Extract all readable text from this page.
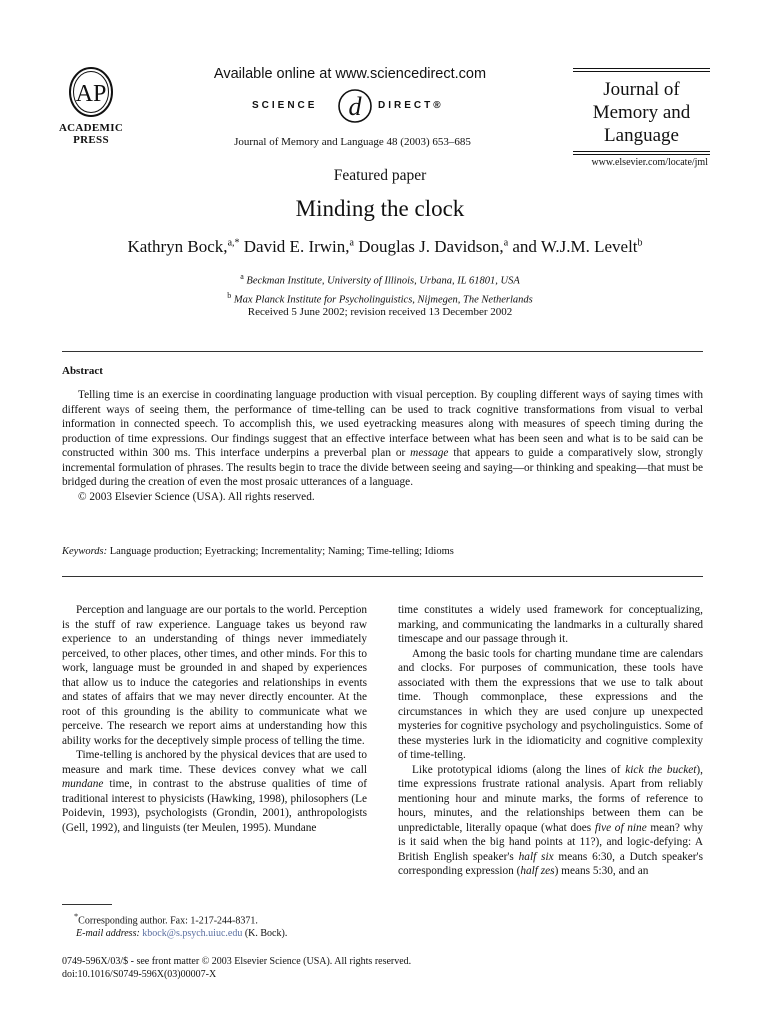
AP
ACADEMIC
PRESS
Available online at www.sciencedirect.com
SCIENCE d DIRECT®
Journal of Memory and Language 48 (2003) 653–685
Journal of
Memory and
Language
www.elsevier.com/locate/jml
Featured paper
Minding the clock
Kathryn Bock,$^{a,*}$ David E. Irwin,$^a$ Douglas J. Davidson,$^a$ and W.J.M. Levelt$^b$
$^a$ Beckman Institute, University of Illinois, Urbana, IL 61801, USA
$^b$ Max Planck Institute for Psycholinguistics, Nijmegen, The Netherlands
Received 5 June 2002; revision received 13 December 2002
Abstract

Telling time is an exercise in coordinating language production with visual perception. By coupling different ways of saying times with different ways of seeing them, the performance of time-telling can be used to track cognitive transformations from visual to verbal information in connected speech. To accomplish this, we used eyetracking measures along with measures of speech timing during the production of time expressions. Our findings suggest that an effective interface between what has been seen and what is to be said can be constructed within 300 ms. This interface underpins a preverbal plan or message that appears to guide a comparatively slow, strongly incremental formulation of phrases. The results begin to trace the divide between seeing and saying—or thinking and speaking—that must be bridged during the creation of even the most prosaic utterances of a language.

© 2003 Elsevier Science (USA). All rights reserved.

Keywords: Language production; Eyetracking; Incrementality; Naming; Time-telling; Idioms

Perception and language are our portals to the world. Perception is the stuff of raw experience. Language takes us beyond raw experience to an understanding of things never immediately perceived, to other places, other times, and other minds. For this to work, language must be grounded in and shaped by experiences that allow us to induce the categories and relationships in events and states of affairs that we may never directly encounter. At the root of this grounding is the ability to communicate what we perceive. The research we report aims at understanding how this ability works for the deceptively simple process of telling the time.

Time-telling is anchored by the physical devices that are used to measure and mark time. These devices convey what we call mundane time, in contrast to the abstruse qualities of time of traditional interest to physicists (Hawking, 1998), philosophers (Le Poidevin, 1993), psychologists (Grondin, 2001), anthropologists (Gell, 1992), and linguists (ter Meulen, 1995). Mundane

time constitutes a widely used framework for conceptualizing, marking, and communicating the landmarks in a culturally shared timescape and our passage through it.

Among the basic tools for charting mundane time are calendars and clocks. For purposes of communication, these tools have associated with them the expressions that we use to talk about time. Though commonplace, these expressions and the circumstances in which they are used conjure up unexpected mysteries for cognitive psychology and psycholinguistics. Some of these mysteries lurk in the idiomaticity and cognitive complexity of time-telling.

Like prototypical idioms (along the lines of kick the bucket), time expressions frustrate rational analysis. Apart from reliably mentioning hour and minute marks, the forms of reference to hours, minutes, and the relationships between them can be unpredictable, literally opaque (what does five of nine mean? why is it said when the big hand points at 11?), and logic-defying: A British English speaker's half six means 6:30, a Dutch speaker's corresponding expression (half zes) means 5:30, and an

*Corresponding author. Fax: 1-217-244-8371.
E-mail address: kbock@s.psych.uiuc.edu (K. Bock).
0749-596X/03/$ - see front matter © 2003 Elsevier Science (USA). All rights reserved.
doi:10.1016/S0749-596X(03)00007-X
